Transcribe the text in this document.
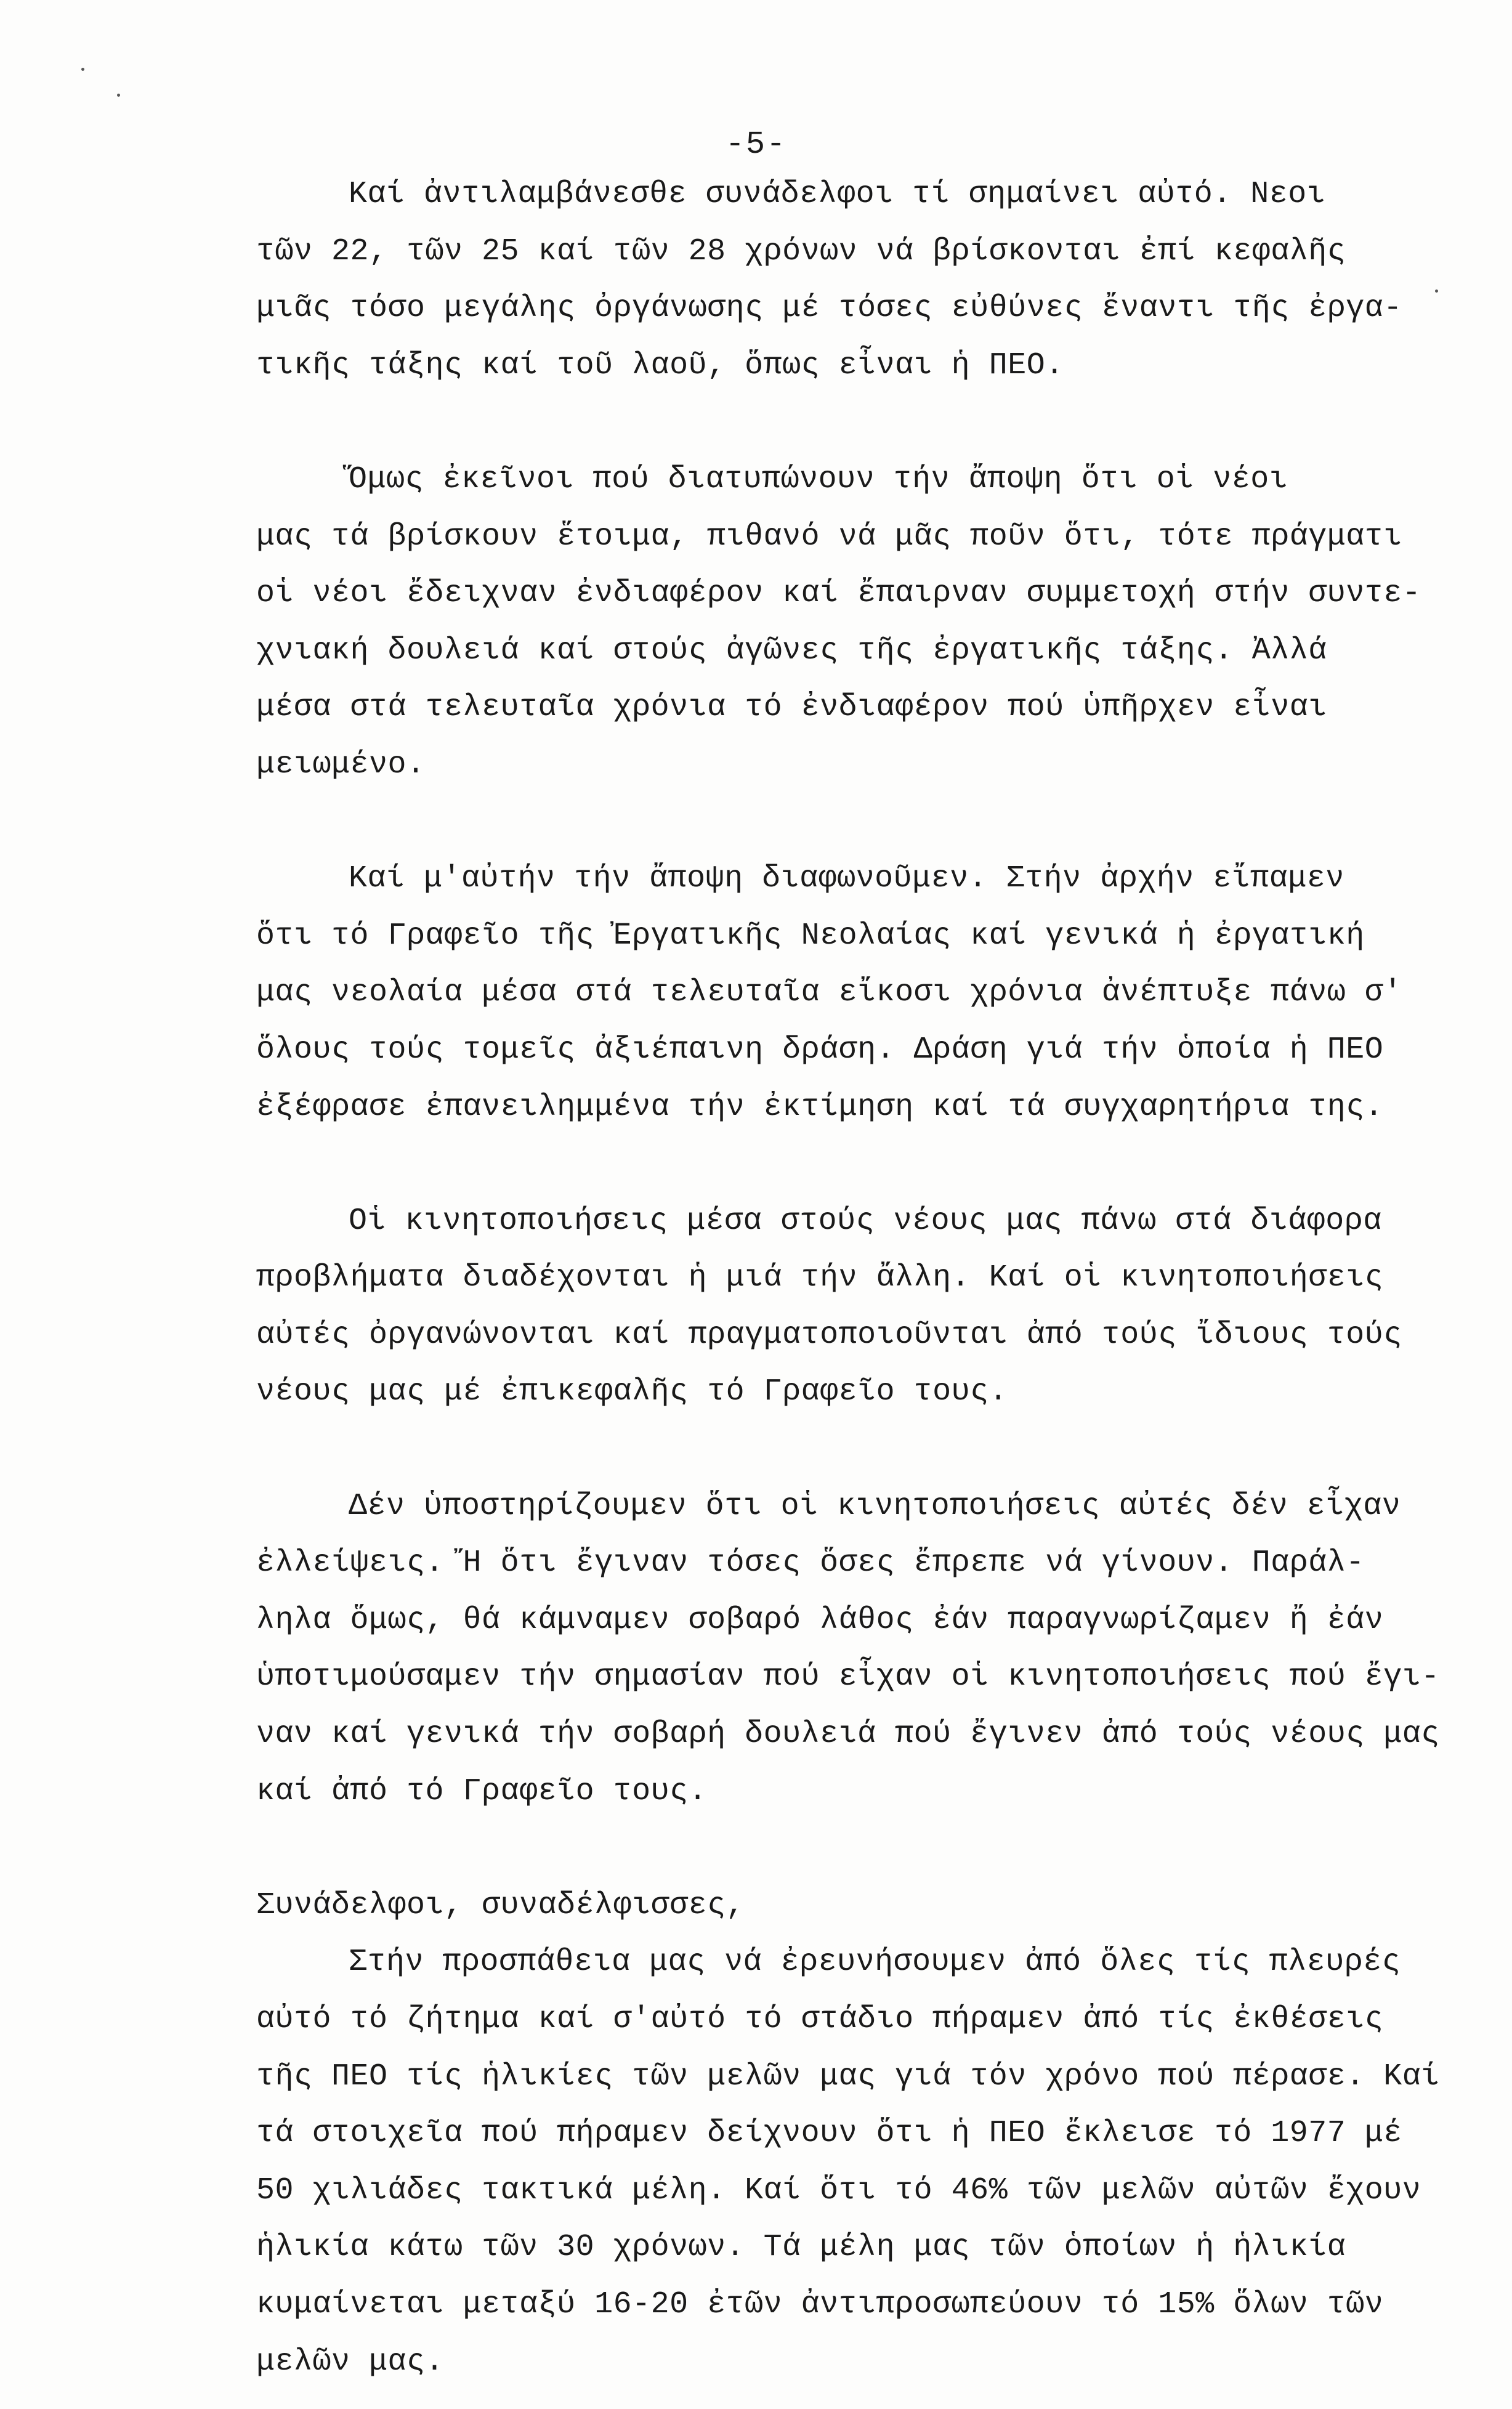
-5-
Καί ἀντιλαμβάνεσθε συνάδελφοι τί σημαίνει αὐτό. Νεοι
τῶν 22, τῶν 25 καί τῶν 28 χρόνων νά βρίσκονται ἐπί κεφαλῆς
μιᾶς τόσο μεγάλης ὀργάνωσης μέ τόσες εὐθύνες ἔναντι τῆς ἐργα-
τικῆς τάξης καί τοῦ λαοῦ, ὅπως εἶναι ἡ ΠΕΟ.
Ὅμως ἐκεῖνοι πού διατυπώνουν τήν ἄποψη ὅτι οἱ νέοι
μας τά βρίσκουν ἕτοιμα, πιθανό νά μᾶς ποῦν ὅτι, τότε πράγματι
οἱ νέοι ἔδειχναν ἐνδιαφέρον καί ἔπαιρναν συμμετοχή στήν συντε-
χνιακή δουλειά καί στούς ἀγῶνες τῆς ἐργατικῆς τάξης. Ἀλλά
μέσα στά τελευταῖα χρόνια τό ἐνδιαφέρον πού ὑπῆρχεν εἶναι
μειωμένο.
Καί μ'αὐτήν τήν ἄποψη διαφωνοῦμεν. Στήν ἀρχήν εἴπαμεν
ὅτι τό Γραφεῖο τῆς Ἐργατικῆς Νεολαίας καί γενικά ἡ ἐργατική
μας νεολαία μέσα στά τελευταῖα εἴκοσι χρόνια ἀνέπτυξε πάνω σ'
ὅλους τούς τομεῖς ἀξιέπαινη δράση. Δράση γιά τήν ὁποία ἡ ΠΕΟ
ἐξέφρασε ἐπανειλημμένα τήν ἐκτίμηση καί τά συγχαρητήρια της.
Οἱ κινητοποιήσεις μέσα στούς νέους μας πάνω στά διάφορα
προβλήματα διαδέχονται ἡ μιά τήν ἄλλη. Καί οἱ κινητοποιήσεις
αὐτές ὀργανώνονται καί πραγματοποιοῦνται ἀπό τούς ἴδιους τούς
νέους μας μέ ἐπικεφαλῆς τό Γραφεῖο τους.
Δέν ὑποστηρίζουμεν ὅτι οἱ κινητοποιήσεις αὐτές δέν εἶχαν
ἐλλείψεις. Ἤ ὅτι ἔγιναν τόσες ὅσες ἔπρεπε νά γίνουν. Παράλ-
ληλα ὅμως, θά κάμναμεν σοβαρό λάθος ἐάν παραγνωρίζαμεν ἤ ἐάν
ὑποτιμούσαμεν τήν σημασίαν πού εἶχαν οἱ κινητοποιήσεις πού ἔγι-
ναν καί γενικά τήν σοβαρή δουλειά πού ἔγινεν ἀπό τούς νέους μας
καί ἀπό τό Γραφεῖο τους.
Συνάδελφοι, συναδέλφισσες,
Στήν προσπάθεια μας νά ἐρευνήσουμεν ἀπό ὅλες τίς πλευρές
αὐτό τό ζήτημα καί σ'αὐτό τό στάδιο πήραμεν ἀπό τίς ἐκθέσεις
τῆς ΠΕΟ τίς ἡλικίες τῶν μελῶν μας γιά τόν χρόνο πού πέρασε. Καί
τά στοιχεῖα πού πήραμεν δείχνουν ὅτι ἡ ΠΕΟ ἔκλεισε τό 1977 μέ
50 χιλιάδες τακτικά μέλη. Καί ὅτι τό 46% τῶν μελῶν αὐτῶν ἔχουν
ἡλικία κάτω τῶν 30 χρόνων. Τά μέλη μας τῶν ὁποίων ἡ ἡλικία
κυμαίνεται μεταξύ 16-20 ἐτῶν ἀντιπροσωπεύουν τό 15% ὅλων τῶν
μελῶν μας.
